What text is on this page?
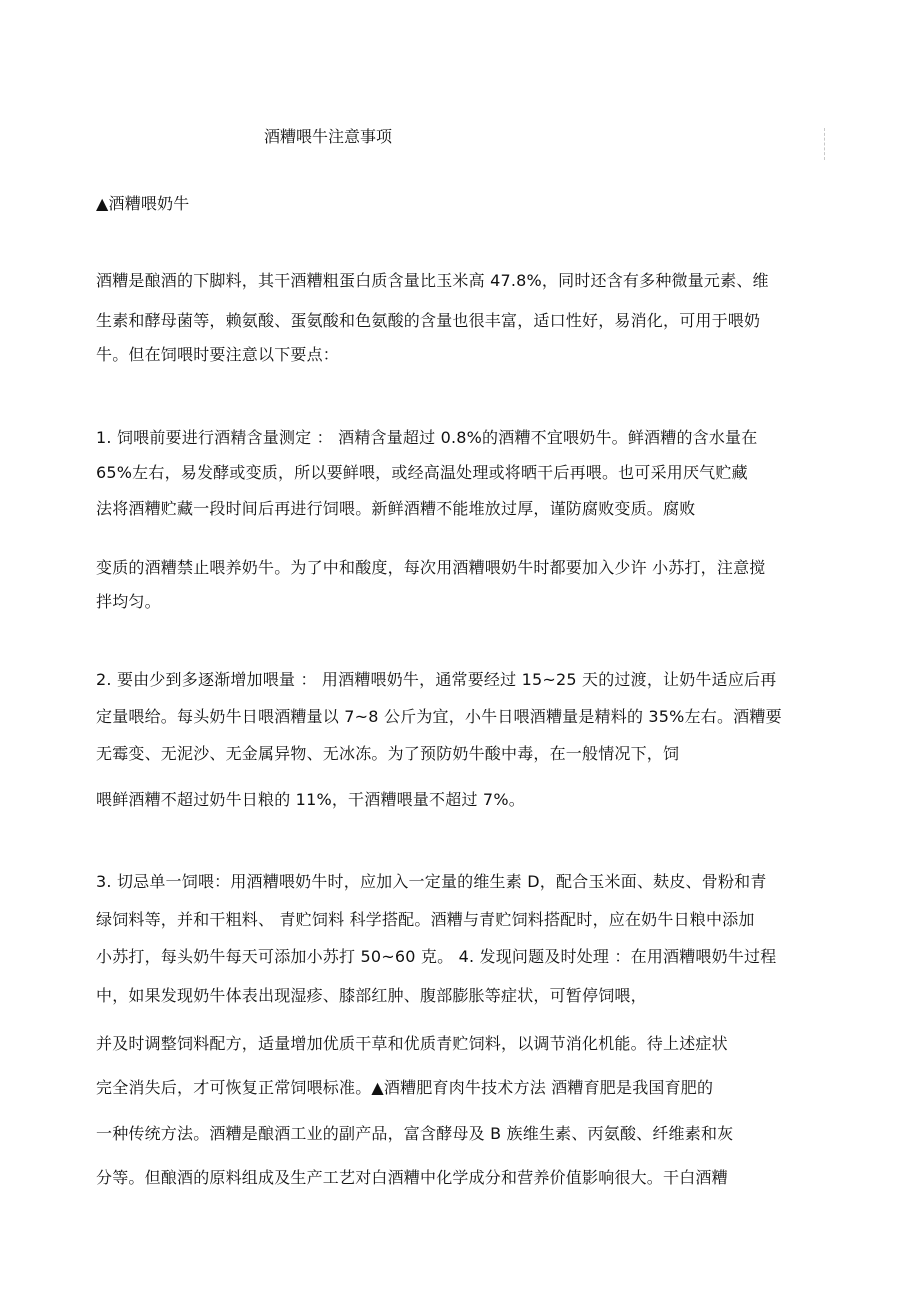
酒糟喂牛注意事项
▲酒糟喂奶牛
酒糟是酿酒的下脚料，其干酒糟粗蛋白质含量比玉米高 47.8%，同时还含有多种微量元素、维
生素和酵母菌等，赖氨酸、蛋氨酸和色氨酸的含量也很丰富，适口性好，易消化，可用于喂奶
牛。但在饲喂时要注意以下要点：
1. 饲喂前要进行酒精含量测定 ： 酒精含量超过 0.8%的酒糟不宜喂奶牛。鲜酒糟的含水量在
65%左右，易发酵或变质，所以要鲜喂，或经高温处理或将晒干后再喂。也可采用厌气贮藏
法将酒糟贮藏一段时间后再进行饲喂。新鲜酒糟不能堆放过厚，谨防腐败变质。腐败
变质的酒糟禁止喂养奶牛。为了中和酸度，每次用酒糟喂奶牛时都要加入少许 小苏打，注意搅
拌均匀。
2. 要由少到多逐渐增加喂量 ： 用酒糟喂奶牛，通常要经过 15~25 天的过渡，让奶牛适应后再
定量喂给。每头奶牛日喂酒糟量以 7~8 公斤为宜，小牛日喂酒糟量是精料的 35%左右。酒糟要
无霉变、无泥沙、无金属异物、无冰冻。为了预防奶牛酸中毒，在一般情况下，饲
喂鲜酒糟不超过奶牛日粮的 11%，干酒糟喂量不超过 7%。
3. 切忌单一饲喂：用酒糟喂奶牛时，应加入一定量的维生素 D，配合玉米面、麸皮、骨粉和青
绿饲料等，并和干粗料、 青贮饲料 科学搭配。酒糟与青贮饲料搭配时，应在奶牛日粮中添加
小苏打，每头奶牛每天可添加小苏打 50~60 克。 4. 发现问题及时处理 ：在用酒糟喂奶牛过程
中，如果发现奶牛体表出现湿疹、膝部红肿、腹部膨胀等症状，可暂停饲喂，
并及时调整饲料配方，适量增加优质干草和优质青贮饲料，以调节消化机能。待上述症状
完全消失后，才可恢复正常饲喂标准。▲酒糟肥育肉牛技术方法 酒糟育肥是我国育肥的
一种传统方法。酒糟是酿酒工业的副产品，富含酵母及 B 族维生素、丙氨酸、纤维素和灰
分等。但酿酒的原料组成及生产工艺对白酒糟中化学成分和营养价值影响很大。干白酒糟
